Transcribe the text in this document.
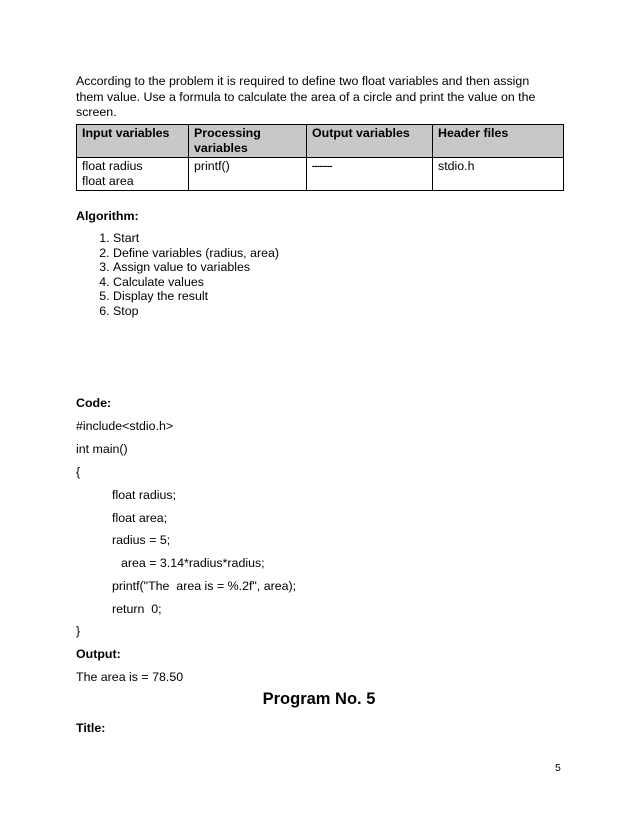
According to the problem it is required to define two float variables and then assign them value. Use a formula to calculate the area of a circle and print the value on the screen.
Input variables	Processing variables	Output variables	Header files

float radius
float area	printf()	--------	stdio.h
Algorithm:
1. Start
2. Define variables (radius, area)
3. Assign value to variables
4. Calculate values
5. Display the result
6. Stop
Code:
#include<stdio.h>
int main()
{
float radius;
float area;
radius = 5;
area = 3.14*radius*radius;
printf("The  area is = %.2f", area);
return  0;
}
Output:
The area is = 78.50
Program No. 5
Title:
5
